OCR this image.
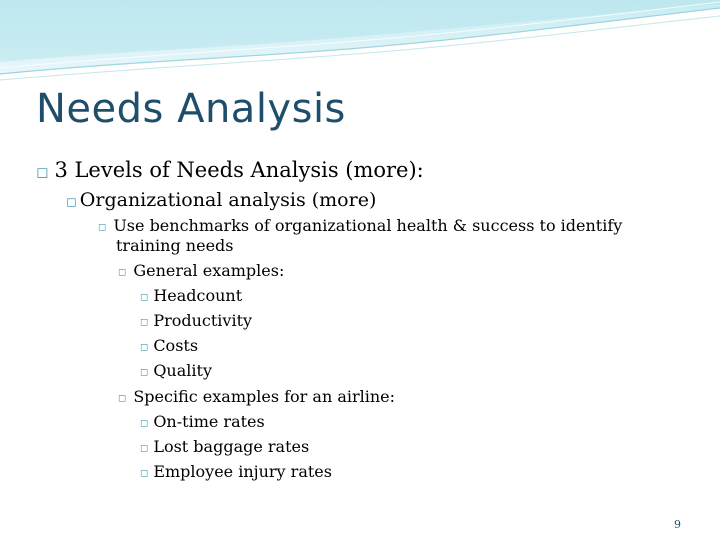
Needs Analysis
◻ 3 Levels of Needs Analysis (more):
◻ Organizational analysis (more)
◻ Use benchmarks of organizational health & success to identify
training needs
◻ General examples:
◻ Headcount
◻ Productivity
◻ Costs
◻ Quality
◻ Specific examples for an airline:
◻ On-time rates
◻ Lost baggage rates
◻ Employee injury rates
9
